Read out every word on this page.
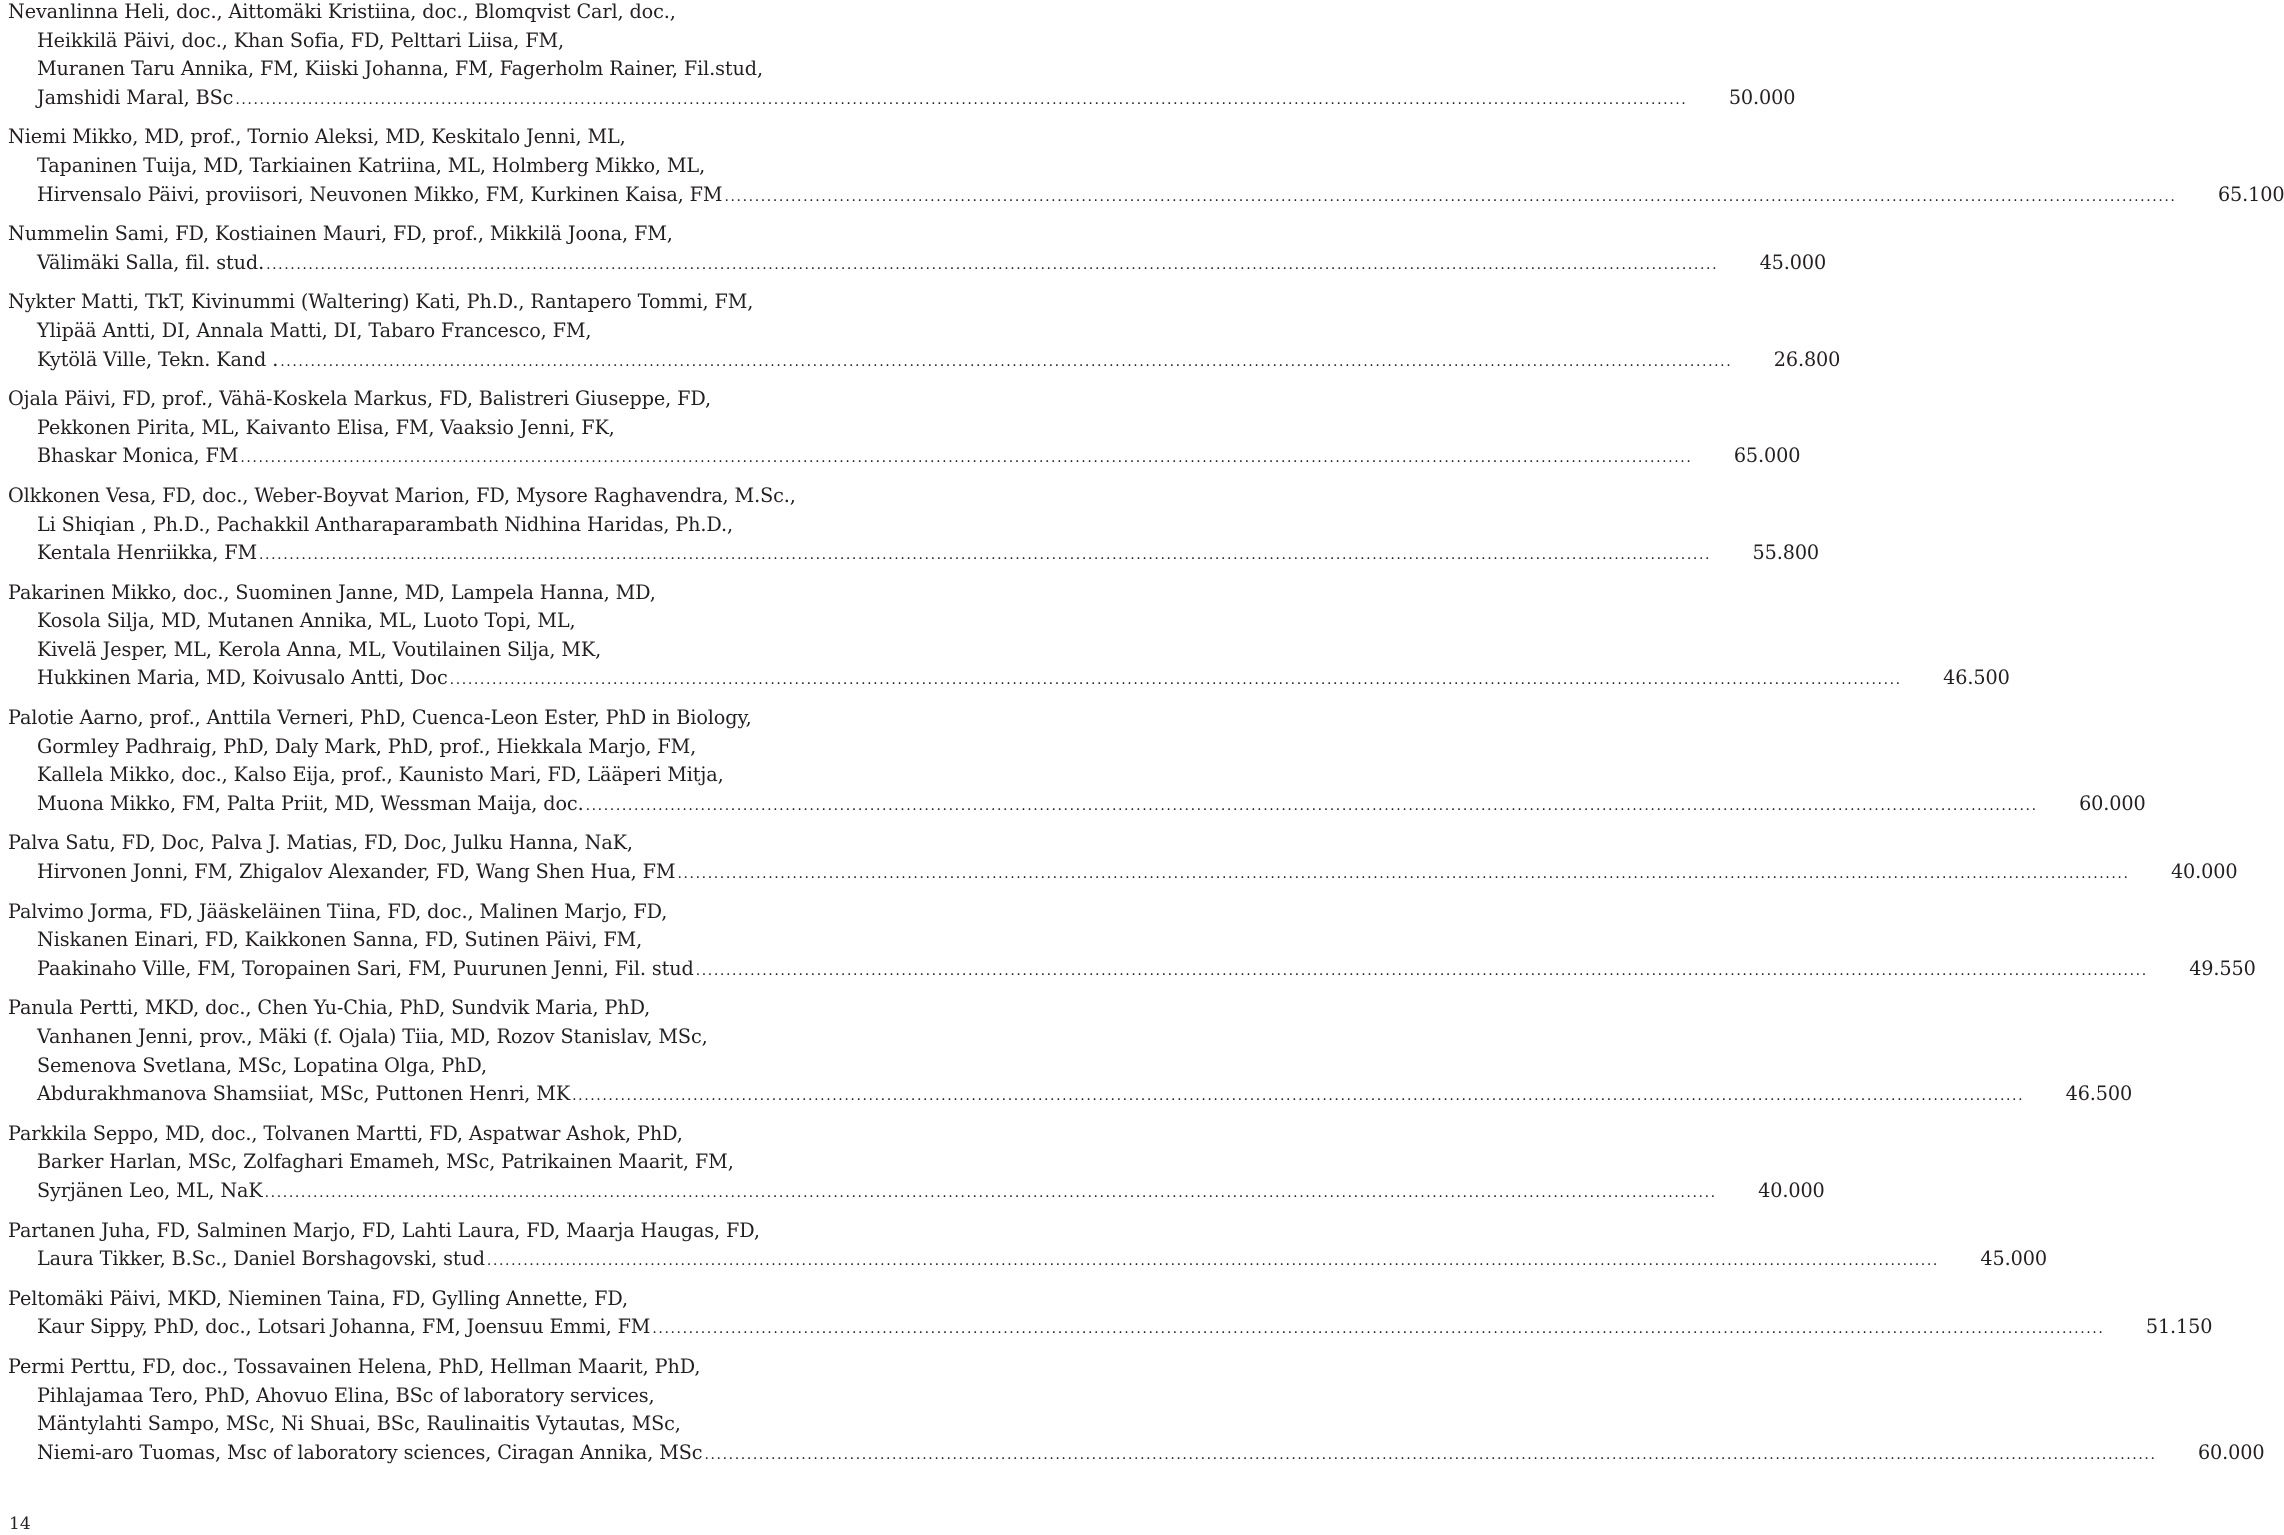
Nevanlinna Heli, doc., Aittomäki Kristiina, doc., Blomqvist Carl, doc.,
Heikkilä Päivi, doc., Khan Sofia, FD, Pelttari Liisa, FM,
Muranen Taru Annika, FM, Kiiski Johanna, FM, Fagerholm Rainer, Fil.stud,
Jamshidi Maral, BSc .....	50.000
Niemi Mikko, MD, prof., Tornio Aleksi, MD, Keskitalo Jenni, ML,
Tapaninen Tuija, MD, Tarkiainen Katriina, ML, Holmberg Mikko, ML,
Hirvensalo Päivi, proviisori, Neuvonen Mikko, FM, Kurkinen Kaisa, FM .....	65.100
Nummelin Sami, FD, Kostiainen Mauri, FD, prof., Mikkilä Joona, FM,
Välimäki Salla, fil. stud. .....	45.000
Nykter Matti, TkT, Kivinummi (Waltering) Kati, Ph.D., Rantapero Tommi, FM,
Ylipää Antti, DI, Annala Matti, DI, Tabaro Francesco, FM,
Kytölä Ville, Tekn. Kand . .....	26.800
Ojala Päivi, FD, prof., Vähä-Koskela Markus, FD, Balistreri Giuseppe, FD,
Pekkonen Pirita, ML, Kaivanto Elisa, FM, Vaaksio Jenni, FK,
Bhaskar Monica, FM .....	65.000
Olkkonen Vesa, FD, doc., Weber-Boyvat Marion, FD, Mysore Raghavendra, M.Sc.,
Li Shiqian , Ph.D., Pachakkil Antharaparambath Nidhina Haridas, Ph.D.,
Kentala Henriikka, FM .....	55.800
Pakarinen Mikko, doc., Suominen Janne, MD, Lampela Hanna, MD,
Kosola Silja, MD, Mutanen Annika, ML, Luoto Topi, ML,
Kivelä Jesper, ML, Kerola Anna, ML, Voutilainen Silja, MK,
Hukkinen Maria, MD, Koivusalo Antti, Doc .....	46.500
Palotie Aarno, prof., Anttila Verneri, PhD, Cuenca-Leon Ester, PhD in Biology,
Gormley Padhraig, PhD, Daly Mark, PhD, prof., Hiekkala Marjo, FM,
Kallela Mikko, doc., Kalso Eija, prof., Kaunisto Mari, FD, Lääperi Mitja,
Muona Mikko, FM, Palta Priit, MD, Wessman Maija, doc. .....	60.000
Palva Satu, FD, Doc, Palva J. Matias, FD, Doc, Julku Hanna, NaK,
Hirvonen Jonni, FM, Zhigalov Alexander, FD, Wang Shen Hua, FM .....	40.000
Palvimo Jorma, FD, Jääskeläinen Tiina, FD, doc., Malinen Marjo, FD,
Niskanen Einari, FD, Kaikkonen Sanna, FD, Sutinen Päivi, FM,
Paakinaho Ville, FM, Toropainen Sari, FM, Puurunen Jenni, Fil. stud .....	49.550
Panula Pertti, MKD, doc., Chen Yu-Chia, PhD, Sundvik Maria, PhD,
Vanhanen Jenni, prov., Mäki (f. Ojala) Tiia, MD, Rozov Stanislav, MSc,
Semenova Svetlana, MSc, Lopatina Olga, PhD,
Abdurakhmanova Shamsiiat, MSc, Puttonen Henri, MK .....	46.500
Parkkila Seppo, MD, doc., Tolvanen Martti, FD, Aspatwar Ashok, PhD,
Barker Harlan, MSc, Zolfaghari Emameh, MSc, Patrikainen Maarit, FM,
Syrjänen Leo, ML, NaK .....	40.000
Partanen Juha, FD, Salminen Marjo, FD, Lahti Laura, FD, Maarja Haugas, FD,
Laura Tikker, B.Sc., Daniel Borshagovski, stud .....	45.000
Peltomäki Päivi, MKD, Nieminen Taina, FD, Gylling Annette, FD,
Kaur Sippy, PhD, doc., Lotsari Johanna, FM, Joensuu Emmi, FM .....	51.150
Permi Perttu, FD, doc., Tossavainen Helena, PhD, Hellman Maarit, PhD,
Pihlajamaa Tero, PhD, Ahovuo Elina, BSc of laboratory services,
Mäntylahti Sampo, MSc, Ni Shuai, BSc, Raulinaitis Vytautas, MSc,
Niemi-aro Tuomas, Msc of laboratory sciences, Ciragan Annika, MSc .....	60.000
14
